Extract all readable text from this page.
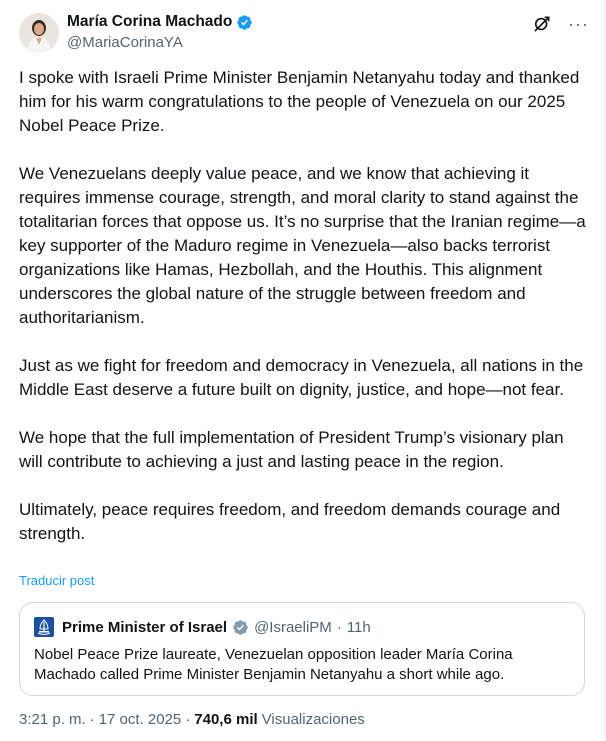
María Corina Machado
@MariaCorinaYA
···

I spoke with Israeli Prime Minister Benjamin Netanyahu today and thanked him for his warm congratulations to the people of Venezuela on our 2025 Nobel Peace Prize.

We Venezuelans deeply value peace, and we know that achieving it requires immense courage, strength, and moral clarity to stand against the totalitarian forces that oppose us. It’s no surprise that the Iranian regime—a key supporter of the Maduro regime in Venezuela—also backs terrorist organizations like Hamas, Hezbollah, and the Houthis. This alignment underscores the global nature of the struggle between freedom and authoritarianism.

Just as we fight for freedom and democracy in Venezuela, all nations in the Middle East deserve a future built on dignity, justice, and hope—not fear.

We hope that the full implementation of President Trump’s visionary plan will contribute to achieving a just and lasting peace in the region.

Ultimately, peace requires freedom, and freedom demands courage and strength.

Traducir post
Prime Minister of Israel @IsraeliPM · 11h
Nobel Peace Prize laureate, Venezuelan opposition leader María Corina Machado called Prime Minister Benjamin Netanyahu a short while ago.
3:21 p. m. · 17 oct. 2025 · 740,6 mil Visualizaciones
